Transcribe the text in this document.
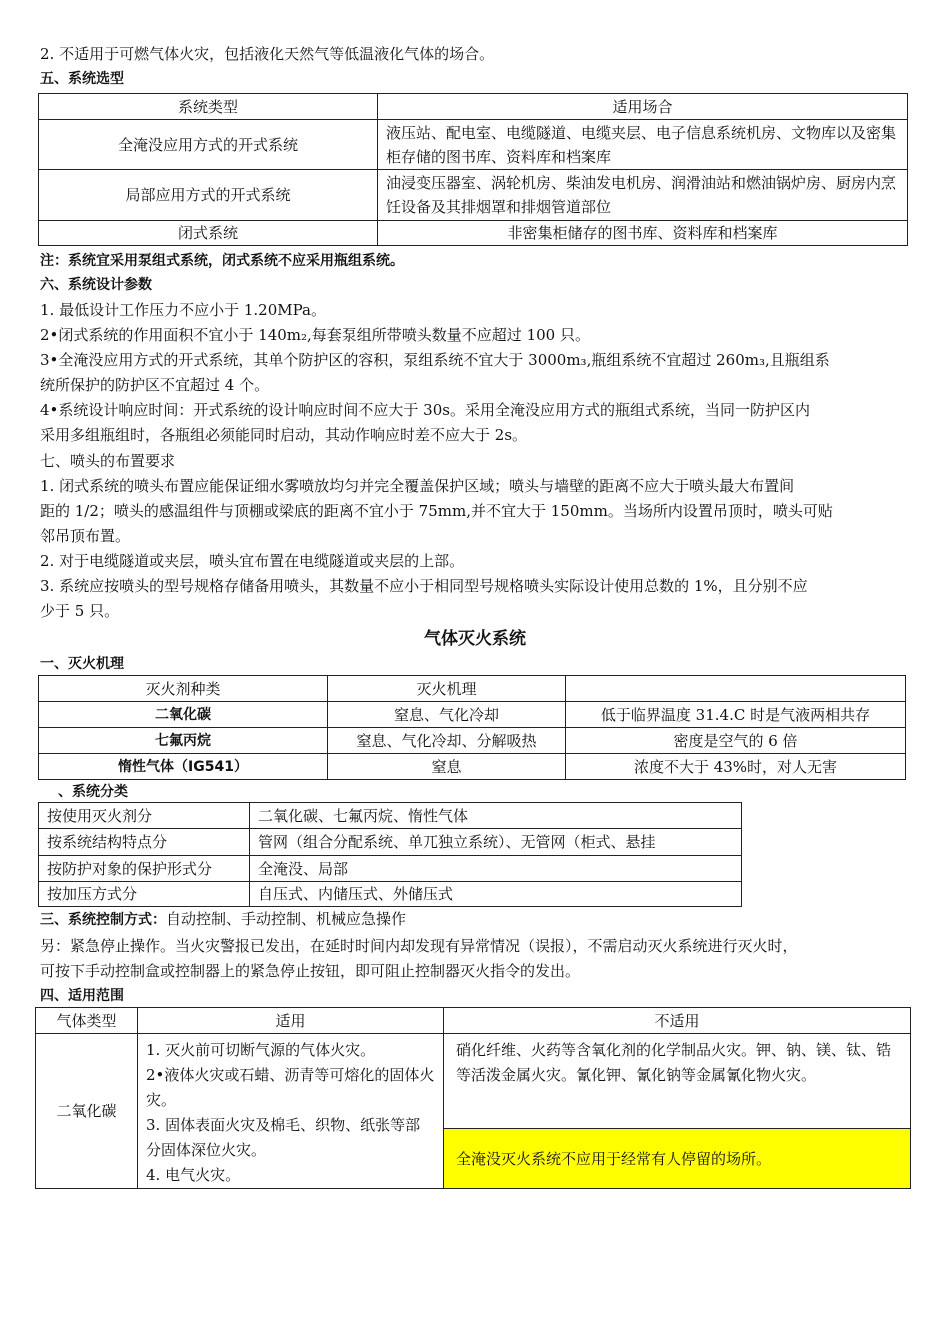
2. 不适用于可燃气体火灾，包括液化天然气等低温液化气体的场合。
五、系统选型
系统类型	适用场合
全淹没应用方式的开式系统	液压站、配电室、电缆隧道、电缆夹层、电子信息系统机房、文物库以及密集柜存储的图书库、资料库和档案库
局部应用方式的开式系统	油浸变压器室、涡轮机房、柴油发电机房、润滑油站和燃油锅炉房、厨房内烹饪设备及其排烟罩和排烟管道部位
闭式系统	非密集柜储存的图书库、资料库和档案库
注：系统宜采用泵组式系统，闭式系统不应采用瓶组系统。
六、系统设计参数
1. 最低设计工作压力不应小于 1.20MPa。
2•闭式系统的作用面积不宜小于 140m₂,每套泵组所带喷头数量不应超过 100 只。
3•全淹没应用方式的开式系统，其单个防护区的容积，泵组系统不宜大于 3000m₃,瓶组系统不宜超过 260m₃,且瓶组系
统所保护的防护区不宜超过 4 个。
4•系统设计响应时间：开式系统的设计响应时间不应大于 30s。采用全淹没应用方式的瓶组式系统，当同一防护区内
采用多组瓶组时，各瓶组必须能同时启动，其动作响应时差不应大于 2s。
七、喷头的布置要求
1. 闭式系统的喷头布置应能保证细水雾喷放均匀并完全覆盖保护区域；喷头与墙壁的距离不应大于喷头最大布置间
距的 1/2；喷头的感温组件与顶棚或梁底的距离不宜小于 75mm,并不宜大于 150mm。当场所内设置吊顶时，喷头可贴
邻吊顶布置。
2. 对于电缆隧道或夹层，喷头宜布置在电缆隧道或夹层的上部。
3. 系统应按喷头的型号规格存储备用喷头，其数量不应小于相同型号规格喷头实际设计使用总数的 1%，且分别不应
少于 5 只。
气体灭火系统
一、灭火机理
灭火剂种类	灭火机理	
二氧化碳	窒息、气化冷却	低于临界温度 31.4.C 时是气液两相共存
七氟丙烷	窒息、气化冷却、分解吸热	密度是空气的 6 倍
惰性气体（IG541）	窒息	浓度不大于 43%时，对人无害
、系统分类
按使用灭火剂分	二氧化碳、七氟丙烷、惰性气体
按系统结构特点分	管网（组合分配系统、单兀独立系统）、无管网（柜式、悬挂
按防护对象的保护形式分	全淹没、局部
按加压方式分	自压式、内储压式、外储压式
三、系统控制方式：自动控制、手动控制、机械应急操作
另：紧急停止操作。当火灾警报已发出，在延时时间内却发现有异常情况（误报），不需启动灭火系统进行灭火时，
可按下手动控制盒或控制器上的紧急停止按钮，即可阻止控制器灭火指令的发出。
四、适用范围
气体类型	适用	不适用
二氧化碳	1. 灭火前可切断气源的气体火灾。
2•液体火灾或石蜡、沥青等可熔化的固体火灾。
3. 固体表面火灾及棉毛、织物、纸张等部分固体深位火灾。
4. 电气火灾。	硝化纤维、火药等含氧化剂的化学制品火灾。钾、钠、镁、钛、锆等活泼金属火灾。氰化钾、氰化钠等金属氰化物火灾。
		全淹没灭火系统不应用于经常有人停留的场所。
